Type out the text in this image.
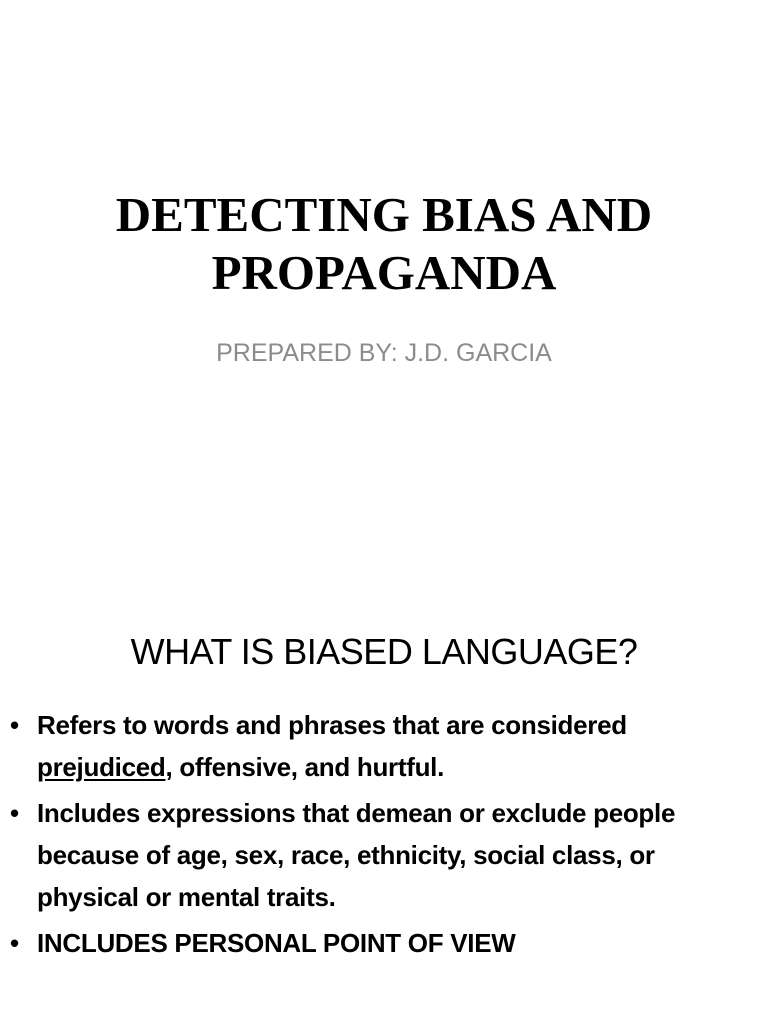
DETECTING BIAS AND
PROPAGANDA

PREPARED BY: J.D. GARCIA

WHAT IS BIASED LANGUAGE?
• Refers to words and phrases that are considered
prejudiced, offensive, and hurtful.
• Includes expressions that demean or exclude people because of age, sex, race, ethnicity, social class, or physical or mental traits.
• INCLUDES PERSONAL POINT OF VIEW
